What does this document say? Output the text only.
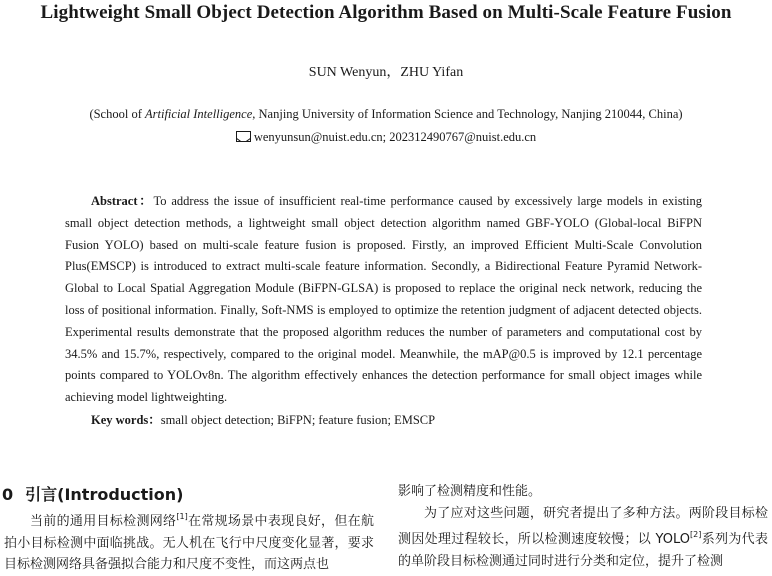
Lightweight Small Object Detection Algorithm Based on Multi-Scale Feature Fusion
SUN Wenyun，ZHU Yifan
(School of Artificial Intelligence, Nanjing University of Information Science and Technology, Nanjing 210044, China)
wenyunsun@nuist.edu.cn; 202312490767@nuist.edu.cn
Abstract：To address the issue of insufficient real-time performance caused by excessively large models in existing small object detection methods, a lightweight small object detection algorithm named GBF-YOLO (Global-local BiFPN Fusion YOLO) based on multi-scale feature fusion is proposed. Firstly, an improved Efficient Multi-Scale Convolution Plus(EMSCP) is introduced to extract multi-scale feature information. Secondly, a Bidirectional Feature Pyramid Network-Global to Local Spatial Aggregation Module (BiFPN-GLSA) is proposed to replace the original neck network, reducing the loss of positional information. Finally, Soft-NMS is employed to optimize the retention judgment of adjacent detected objects. Experimental results demonstrate that the proposed algorithm reduces the number of parameters and computational cost by 34.5% and 15.7%, respectively, compared to the original model. Meanwhile, the mAP@0.5 is improved by 12.1 percentage points compared to YOLOv8n. The algorithm effectively enhances the detection performance for small object images while achieving model lightweighting.
Key words：small object detection; BiFPN; feature fusion; EMSCP
0 引言(Introduction)

当前的通用目标检测网络[1]在常规场景中表现良好，但在航拍小目标检测中面临挑战。无人机在飞行中尺度变化显著，要求目标检测网络具备强拟合能力和尺度不变性，而这两点也

影响了检测精度和性能。

为了应对这些问题，研究者提出了多种方法。两阶段目标检测因处理过程较长，所以检测速度较慢；以 YOLO[2]系列为代表的单阶段目标检测通过同时进行分类和定位，提升了检测
